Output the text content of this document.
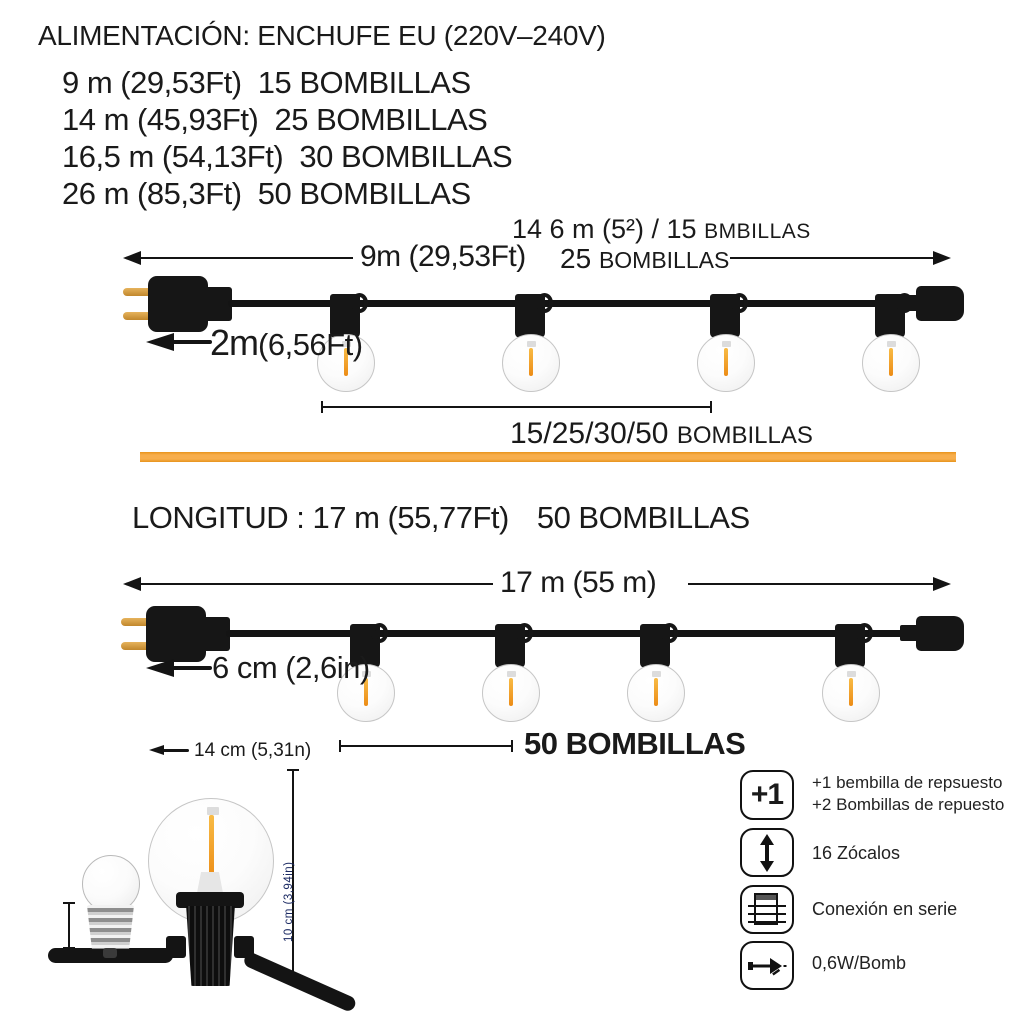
ALIMENTACIÓN: ENCHUFE EU (220V–240V)
9 m (29,53Ft)  15 BOMBILLAS
14 m (45,93Ft)  25 BOMBILLAS
16,5 m (54,13Ft)  30 BOMBILLAS
26 m (85,3Ft)  50 BOMBILLAS
14 6 m (5²) / 15 BMBILLAS
9m (29,53Ft) 25 BOMBILLAS
2m(6,56Ft)
15/25/30/50 BOMBILLAS
LONGITUD : 17 m (55,77Ft) 50 BOMBILLAS
17 m (55 m)
6 cm (2,6in)
50 BOMBILLAS
14 cm (5,31n)
10 cm (3,94in)
+1 +1 bembilla de repsuesto
+2 Bombillas de repuesto
16 Zócalos
Conexión en serie
0,6W/Bomb
